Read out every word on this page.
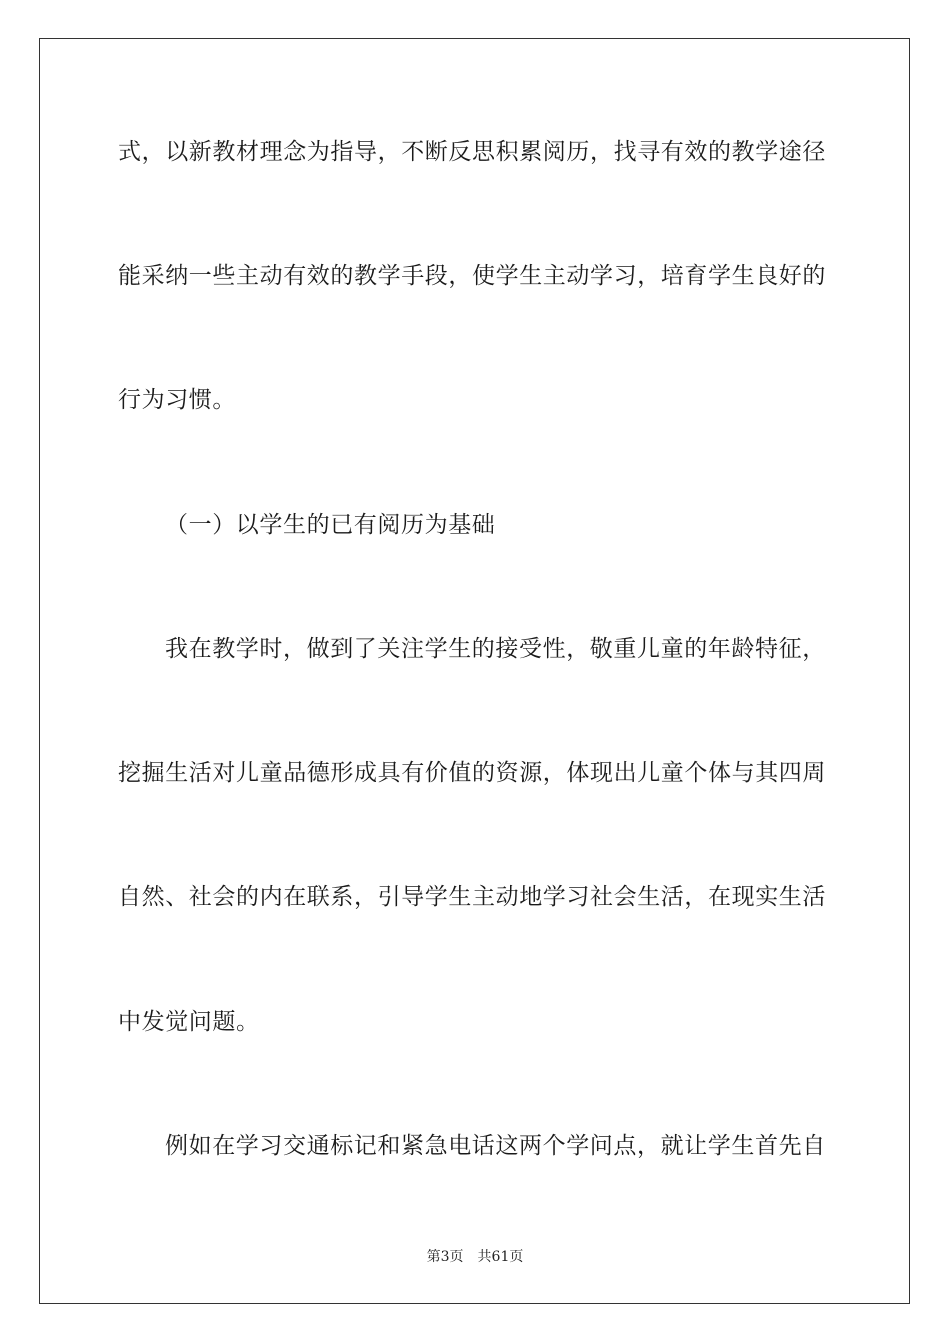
式，以新教材理念为指导，不断反思积累阅历，找寻有效的教学途径
能采纳一些主动有效的教学手段，使学生主动学习，培育学生良好的
行为习惯。
（一）以学生的已有阅历为基础
我在教学时，做到了关注学生的接受性，敬重儿童的年龄特征，
挖掘生活对儿童品德形成具有价值的资源，体现出儿童个体与其四周
自然、社会的内在联系，引导学生主动地学习社会生活，在现实生活
中发觉问题。
例如在学习交通标记和紧急电话这两个学问点，就让学生首先自
第3页 共61页
